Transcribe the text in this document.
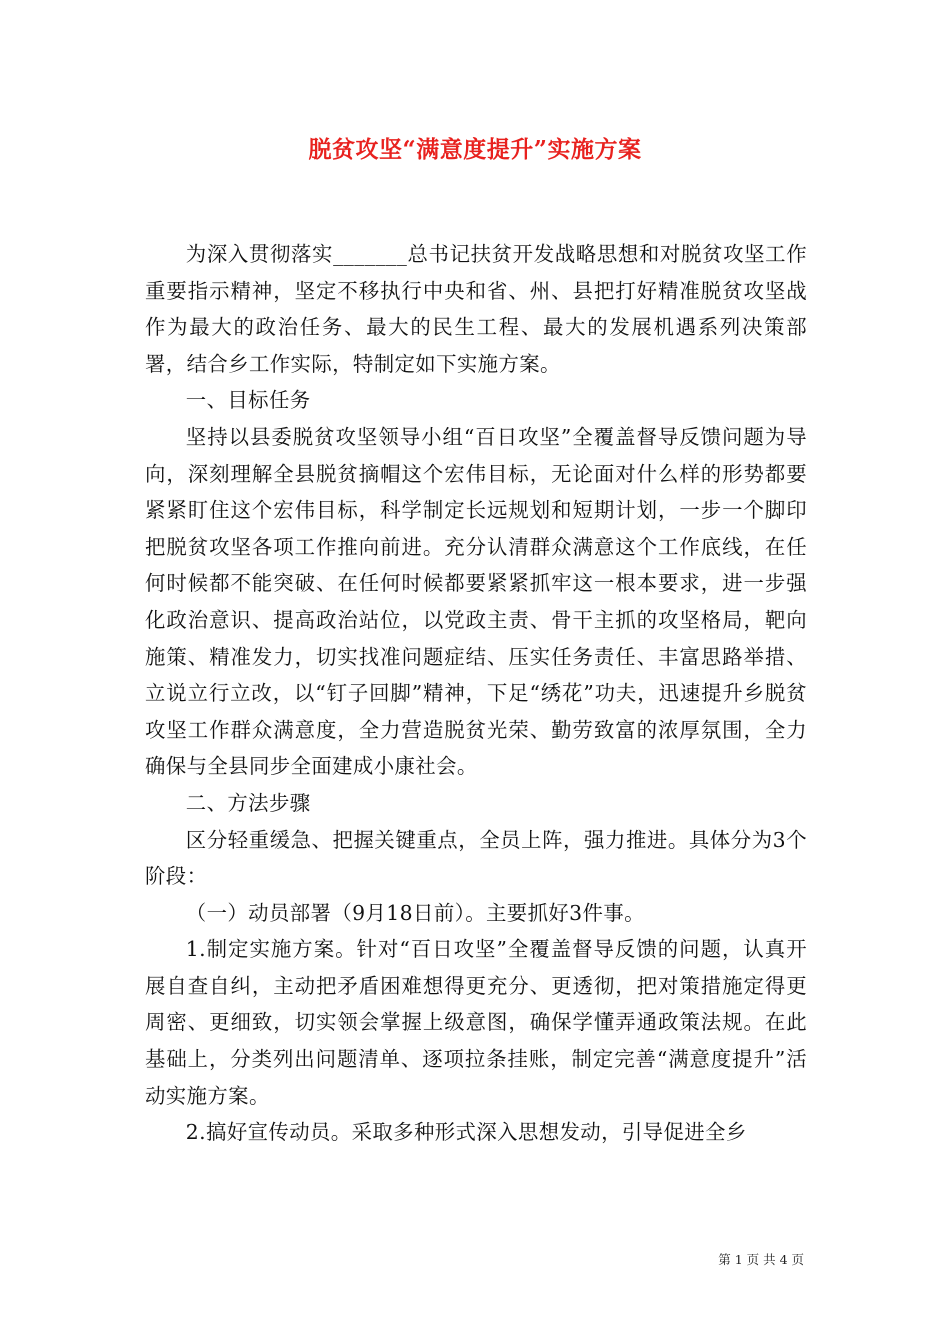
脱贫攻坚“满意度提升”实施方案

为深入贯彻落实_______总书记扶贫开发战略思想和对脱贫攻坚工作重要指示精神，坚定不移执行中央和省、州、县把打好精准脱贫攻坚战作为最大的政治任务、最大的民生工程、最大的发展机遇系列决策部署，结合乡工作实际，特制定如下实施方案。

一、目标任务

坚持以县委脱贫攻坚领导小组“百日攻坚”全覆盖督导反馈问题为导向，深刻理解全县脱贫摘帽这个宏伟目标，无论面对什么样的形势都要紧紧盯住这个宏伟目标，科学制定长远规划和短期计划，一步一个脚印把脱贫攻坚各项工作推向前进。充分认清群众满意这个工作底线，在任何时候都不能突破、在任何时候都要紧紧抓牢这一根本要求，进一步强化政治意识、提高政治站位，以党政主责、骨干主抓的攻坚格局，靶向施策、精准发力，切实找准问题症结、压实任务责任、丰富思路举措、立说立行立改，以“钉子回脚”精神，下足“绣花”功夫，迅速提升乡脱贫攻坚工作群众满意度，全力营造脱贫光荣、勤劳致富的浓厚氛围，全力确保与全县同步全面建成小康社会。

二、方法步骤

区分轻重缓急、把握关键重点，全员上阵，强力推进。具体分为3个阶段：

（一）动员部署（9月18日前）。主要抓好3件事。

1.制定实施方案。针对“百日攻坚”全覆盖督导反馈的问题，认真开展自查自纠，主动把矛盾困难想得更充分、更透彻，把对策措施定得更周密、更细致，切实领会掌握上级意图，确保学懂弄通政策法规。在此基础上，分类列出问题清单、逐项拉条挂账，制定完善“满意度提升”活动实施方案。

2.搞好宣传动员。采取多种形式深入思想发动，引导促进全乡

第 1 页 共 4 页
